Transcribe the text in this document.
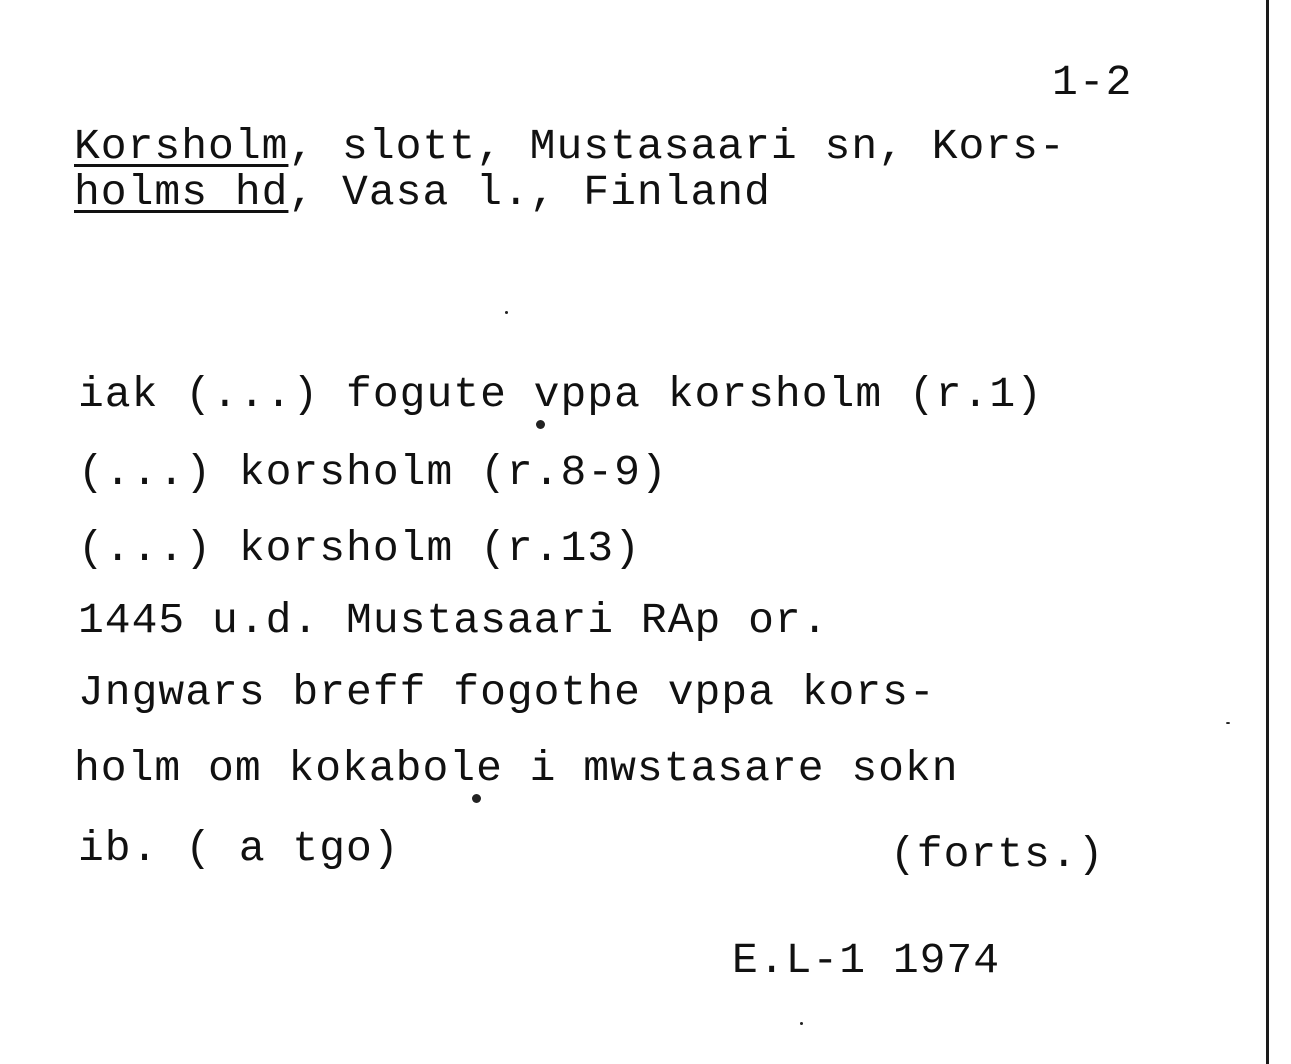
1-2
Korsholm, slott, Mustasaari sn, Kors-
holms hd, Vasa l., Finland
iak (...) fogute vppa korsholm (r.1)
(...) korsholm (r.8-9)
(...) korsholm (r.13)
1445 u.d. Mustasaari RAp or.
Jngwars breff fogothe vppa kors-
holm om kokabole i mwstasare sokn
ib. ( a tgo)	(forts.)
E.L-1 1974
